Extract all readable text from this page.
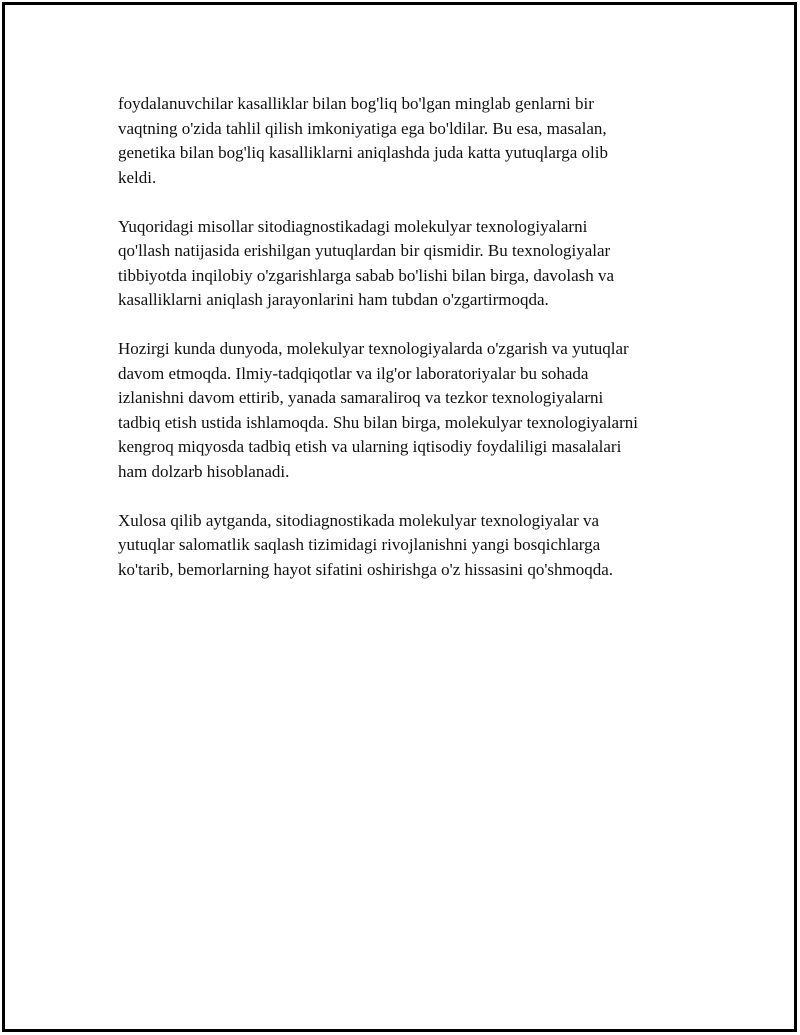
foydalanuvchilar kasalliklar bilan bog'liq bo'lgan minglab genlarni bir
vaqtning o'zida tahlil qilish imkoniyatiga ega bo'ldilar. Bu esa, masalan,
genetika bilan bog'liq kasalliklarni aniqlashda juda katta yutuqlarga olib
keldi.

Yuqoridagi misollar sitodiagnostikadagi molekulyar texnologiyalarni
qo'llash natijasida erishilgan yutuqlardan bir qismidir. Bu texnologiyalar
tibbiyotda inqilobiy o'zgarishlarga sabab bo'lishi bilan birga, davolash va
kasalliklarni aniqlash jarayonlarini ham tubdan o'zgartirmoqda.

Hozirgi kunda dunyoda, molekulyar texnologiyalarda o'zgarish va yutuqlar
davom etmoqda. Ilmiy-tadqiqotlar va ilg'or laboratoriyalar bu sohada
izlanishni davom ettirib, yanada samaraliroq va tezkor texnologiyalarni
tadbiq etish ustida ishlamoqda. Shu bilan birga, molekulyar texnologiyalarni
kengroq miqyosda tadbiq etish va ularning iqtisodiy foydaliligi masalalari
ham dolzarb hisoblanadi.

Xulosa qilib aytganda, sitodiagnostikada molekulyar texnologiyalar va
yutuqlar salomatlik saqlash tizimidagi rivojlanishni yangi bosqichlarga
ko'tarib, bemorlarning hayot sifatini oshirishga o'z hissasini qo'shmoqda.
